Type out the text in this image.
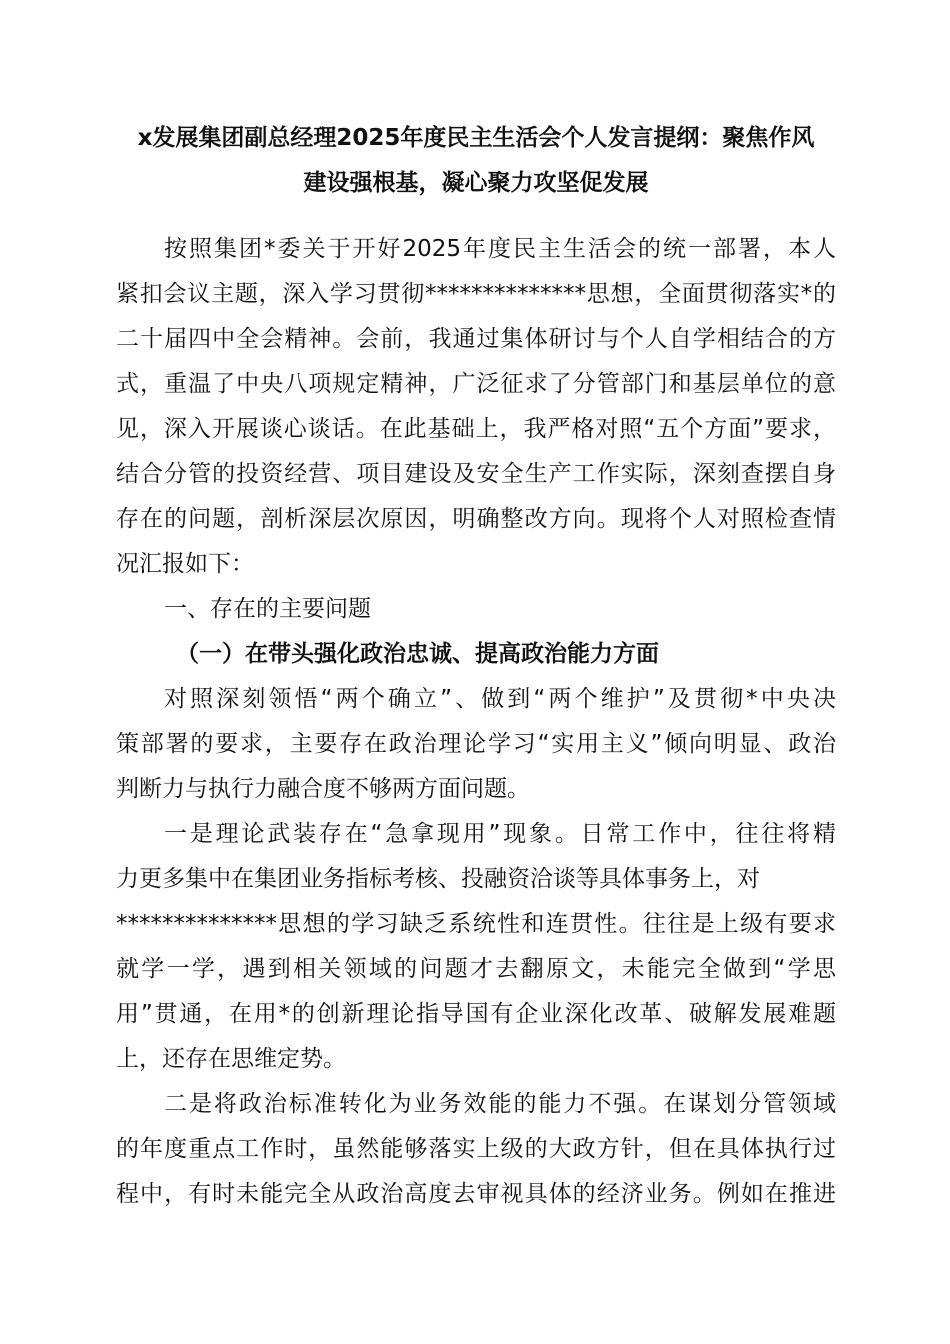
x发展集团副总经理2025年度民主生活会个人发言提纲：聚焦作风
建设强根基，凝心聚力攻坚促发展
按照集团*委关于开好2025年度民主生活会的统一部署，本人
紧扣会议主题，深入学习贯彻**************思想，全面贯彻落实*的
二十届四中全会精神。会前，我通过集体研讨与个人自学相结合的方
式，重温了中央八项规定精神，广泛征求了分管部门和基层单位的意
见，深入开展谈心谈话。在此基础上，我严格对照“五个方面”要求，
结合分管的投资经营、项目建设及安全生产工作实际，深刻查摆自身
存在的问题，剖析深层次原因，明确整改方向。现将个人对照检查情
况汇报如下：
一、存在的主要问题
（一）在带头强化政治忠诚、提高政治能力方面
对照深刻领悟“两个确立”、做到“两个维护”及贯彻*中央决
策部署的要求，主要存在政治理论学习“实用主义”倾向明显、政治
判断力与执行力融合度不够两方面问题。
一是理论武装存在“急拿现用”现象。日常工作中，往往将精
力更多集中在集团业务指标考核、投融资洽谈等具体事务上，对
**************思想的学习缺乏系统性和连贯性。往往是上级有要求
就学一学，遇到相关领域的问题才去翻原文，未能完全做到“学思
用”贯通，在用*的创新理论指导国有企业深化改革、破解发展难题
上，还存在思维定势。
二是将政治标准转化为业务效能的能力不强。在谋划分管领域
的年度重点工作时，虽然能够落实上级的大政方针，但在具体执行过
程中，有时未能完全从政治高度去审视具体的经济业务。例如在推进
